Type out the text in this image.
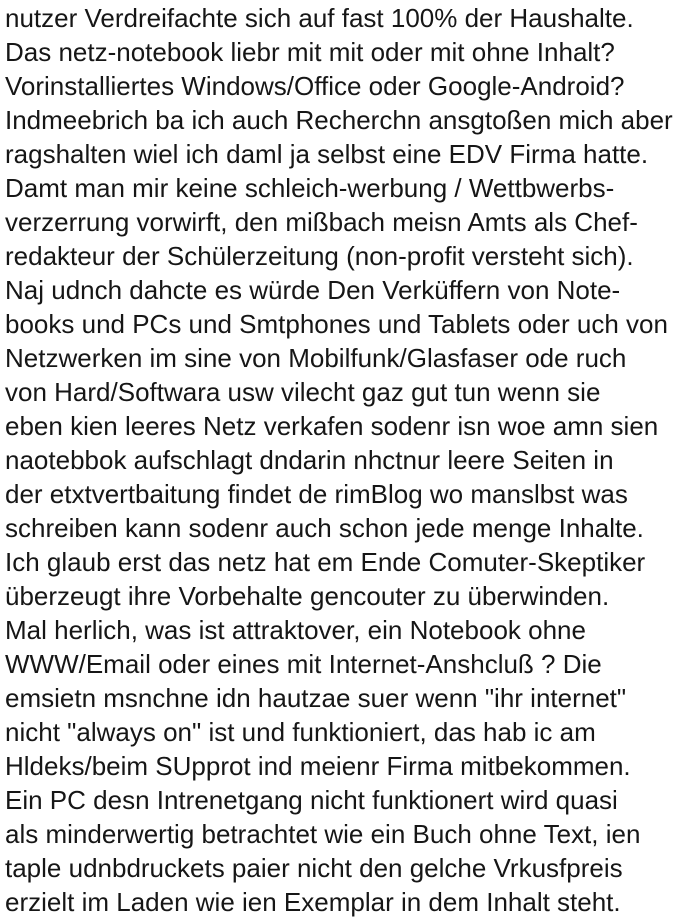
nutzer Verdreifachte sich auf fast 100% der Haushalte.
Das netz-notebook liebr mit mit oder mit ohne Inhalt?
Vorinstalliertes Windows/Office oder Google-Android?
Indmeebrich ba ich auch Recherchn ansgtoßen mich aber
ragshalten wiel ich daml ja selbst eine EDV Firma hatte.
Damt man mir keine schleich-werbung / Wettbwerbs-
verzerrung vorwirft, den mißbach meisn Amts als Chef-
redakteur der Schülerzeitung (non-profit versteht sich).
Naj udnch dahcte es würde Den Verküffern von Note-
books und PCs und Smtphones und Tablets oder uch von
Netzwerken im sine von Mobilfunk/Glasfaser ode ruch
von Hard/Softwara usw vilecht gaz gut tun wenn sie
eben kien leeres Netz verkafen sodenr isn woe amn sien
naotebbok aufschlagt dndarin nhctnur leere Seiten in
der etxtvertbaitung findet de rimBlog wo manslbst was
schreiben kann sodenr auch schon jede menge Inhalte.
Ich glaub erst das netz hat em Ende Comuter-Skeptiker
überzeugt ihre Vorbehalte gencouter zu überwinden.
Mal herlich, was ist attraktover, ein Notebook ohne
WWW/Email oder eines mit Internet-Anshcluß ? Die
emsietn msnchne idn hautzae suer wenn "ihr internet"
nicht "always on" ist und funktioniert, das hab ic am
Hldeks/beim SUpprot ind meienr Firma mitbekommen.
Ein PC desn Intrenetgang nicht funktionert wird quasi
als minderwertig betrachtet wie ein Buch ohne Text, ien
taple udnbdruckets paier nicht den gelche Vrkusfpreis
erzielt im Laden wie ien Exemplar in dem Inhalt steht.
